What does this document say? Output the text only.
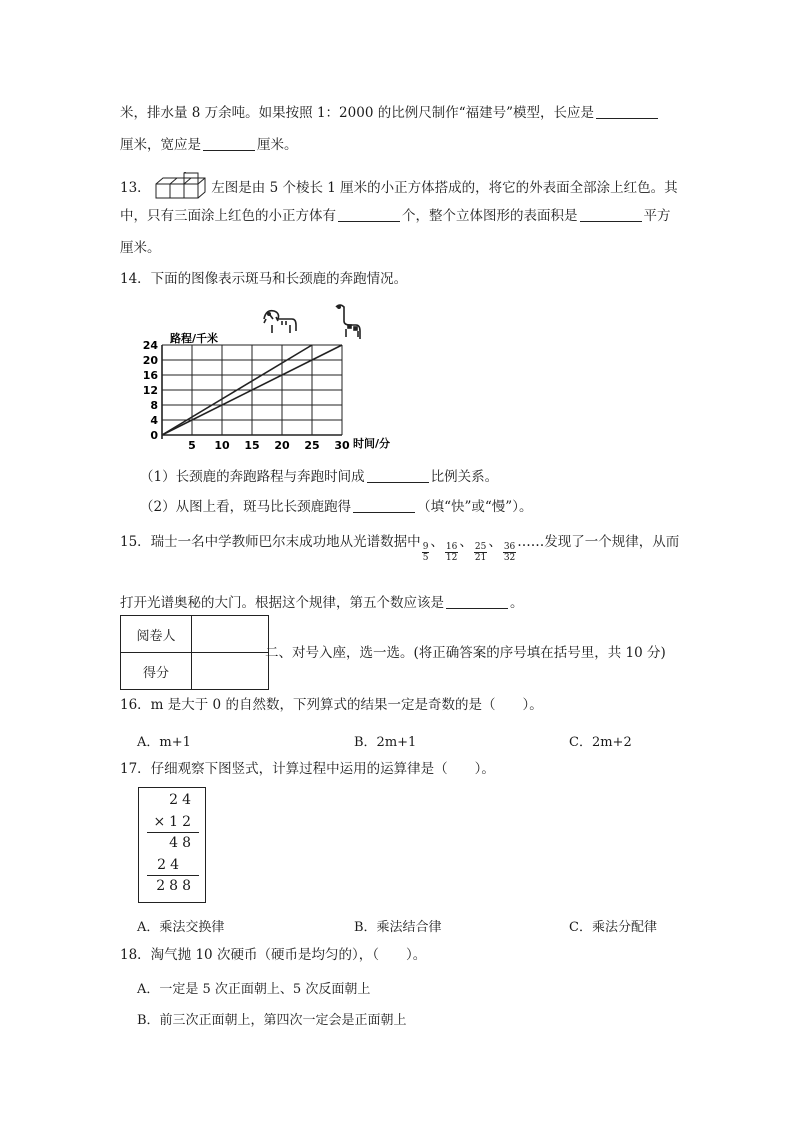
米，排水量 8 万余吨。如果按照 1：2000 的比例尺制作“福建号”模型，长应是
厘米，宽应是	厘米。
13．	左图是由 5 个棱长 1 厘米的小正方体搭成的，将它的外表面全部涂上红色。其
中，只有三面涂上红色的小正方体有	个，整个立体图形的表面积是	平方
厘米。
14．下面的图像表示斑马和长颈鹿的奔跑情况。
0
4
8
12
16
20
24
5 10 15 20 25 30
路程/千米
时间/分
（1）长颈鹿的奔跑路程与奔跑时间成	比例关系。
（2）从图上看，斑马比长颈鹿跑得	（填“快”或“慢”）。
15．瑞士一名中学教师巴尔末成功地从光谱数据中 $\frac{9}{5}$ 、 $\frac{16}{12}$ 、 $\frac{25}{21}$ 、 $\frac{36}{32}$ ……发现了一个规律，从而
打开光谱奥秘的大门。根据这个规律，第五个数应该是	。
阅卷人	
得分	
二、对号入座，选一选。(将正确答案的序号填在括号里，共 10 分)
16．m 是大于 0 的自然数，下列算式的结果一定是奇数的是（　　）。
A．m+1	B．2m+1	C．2m+2
17．仔细观察下图竖式，计算过程中运用的运算律是（　　）。
24
×12
48
24
288
A．乘法交换律	B．乘法结合律	C．乘法分配律
18．淘气抛 10 次硬币（硬币是均匀的），（　　）。
A．一定是 5 次正面朝上、5 次反面朝上
B．前三次正面朝上，第四次一定会是正面朝上
